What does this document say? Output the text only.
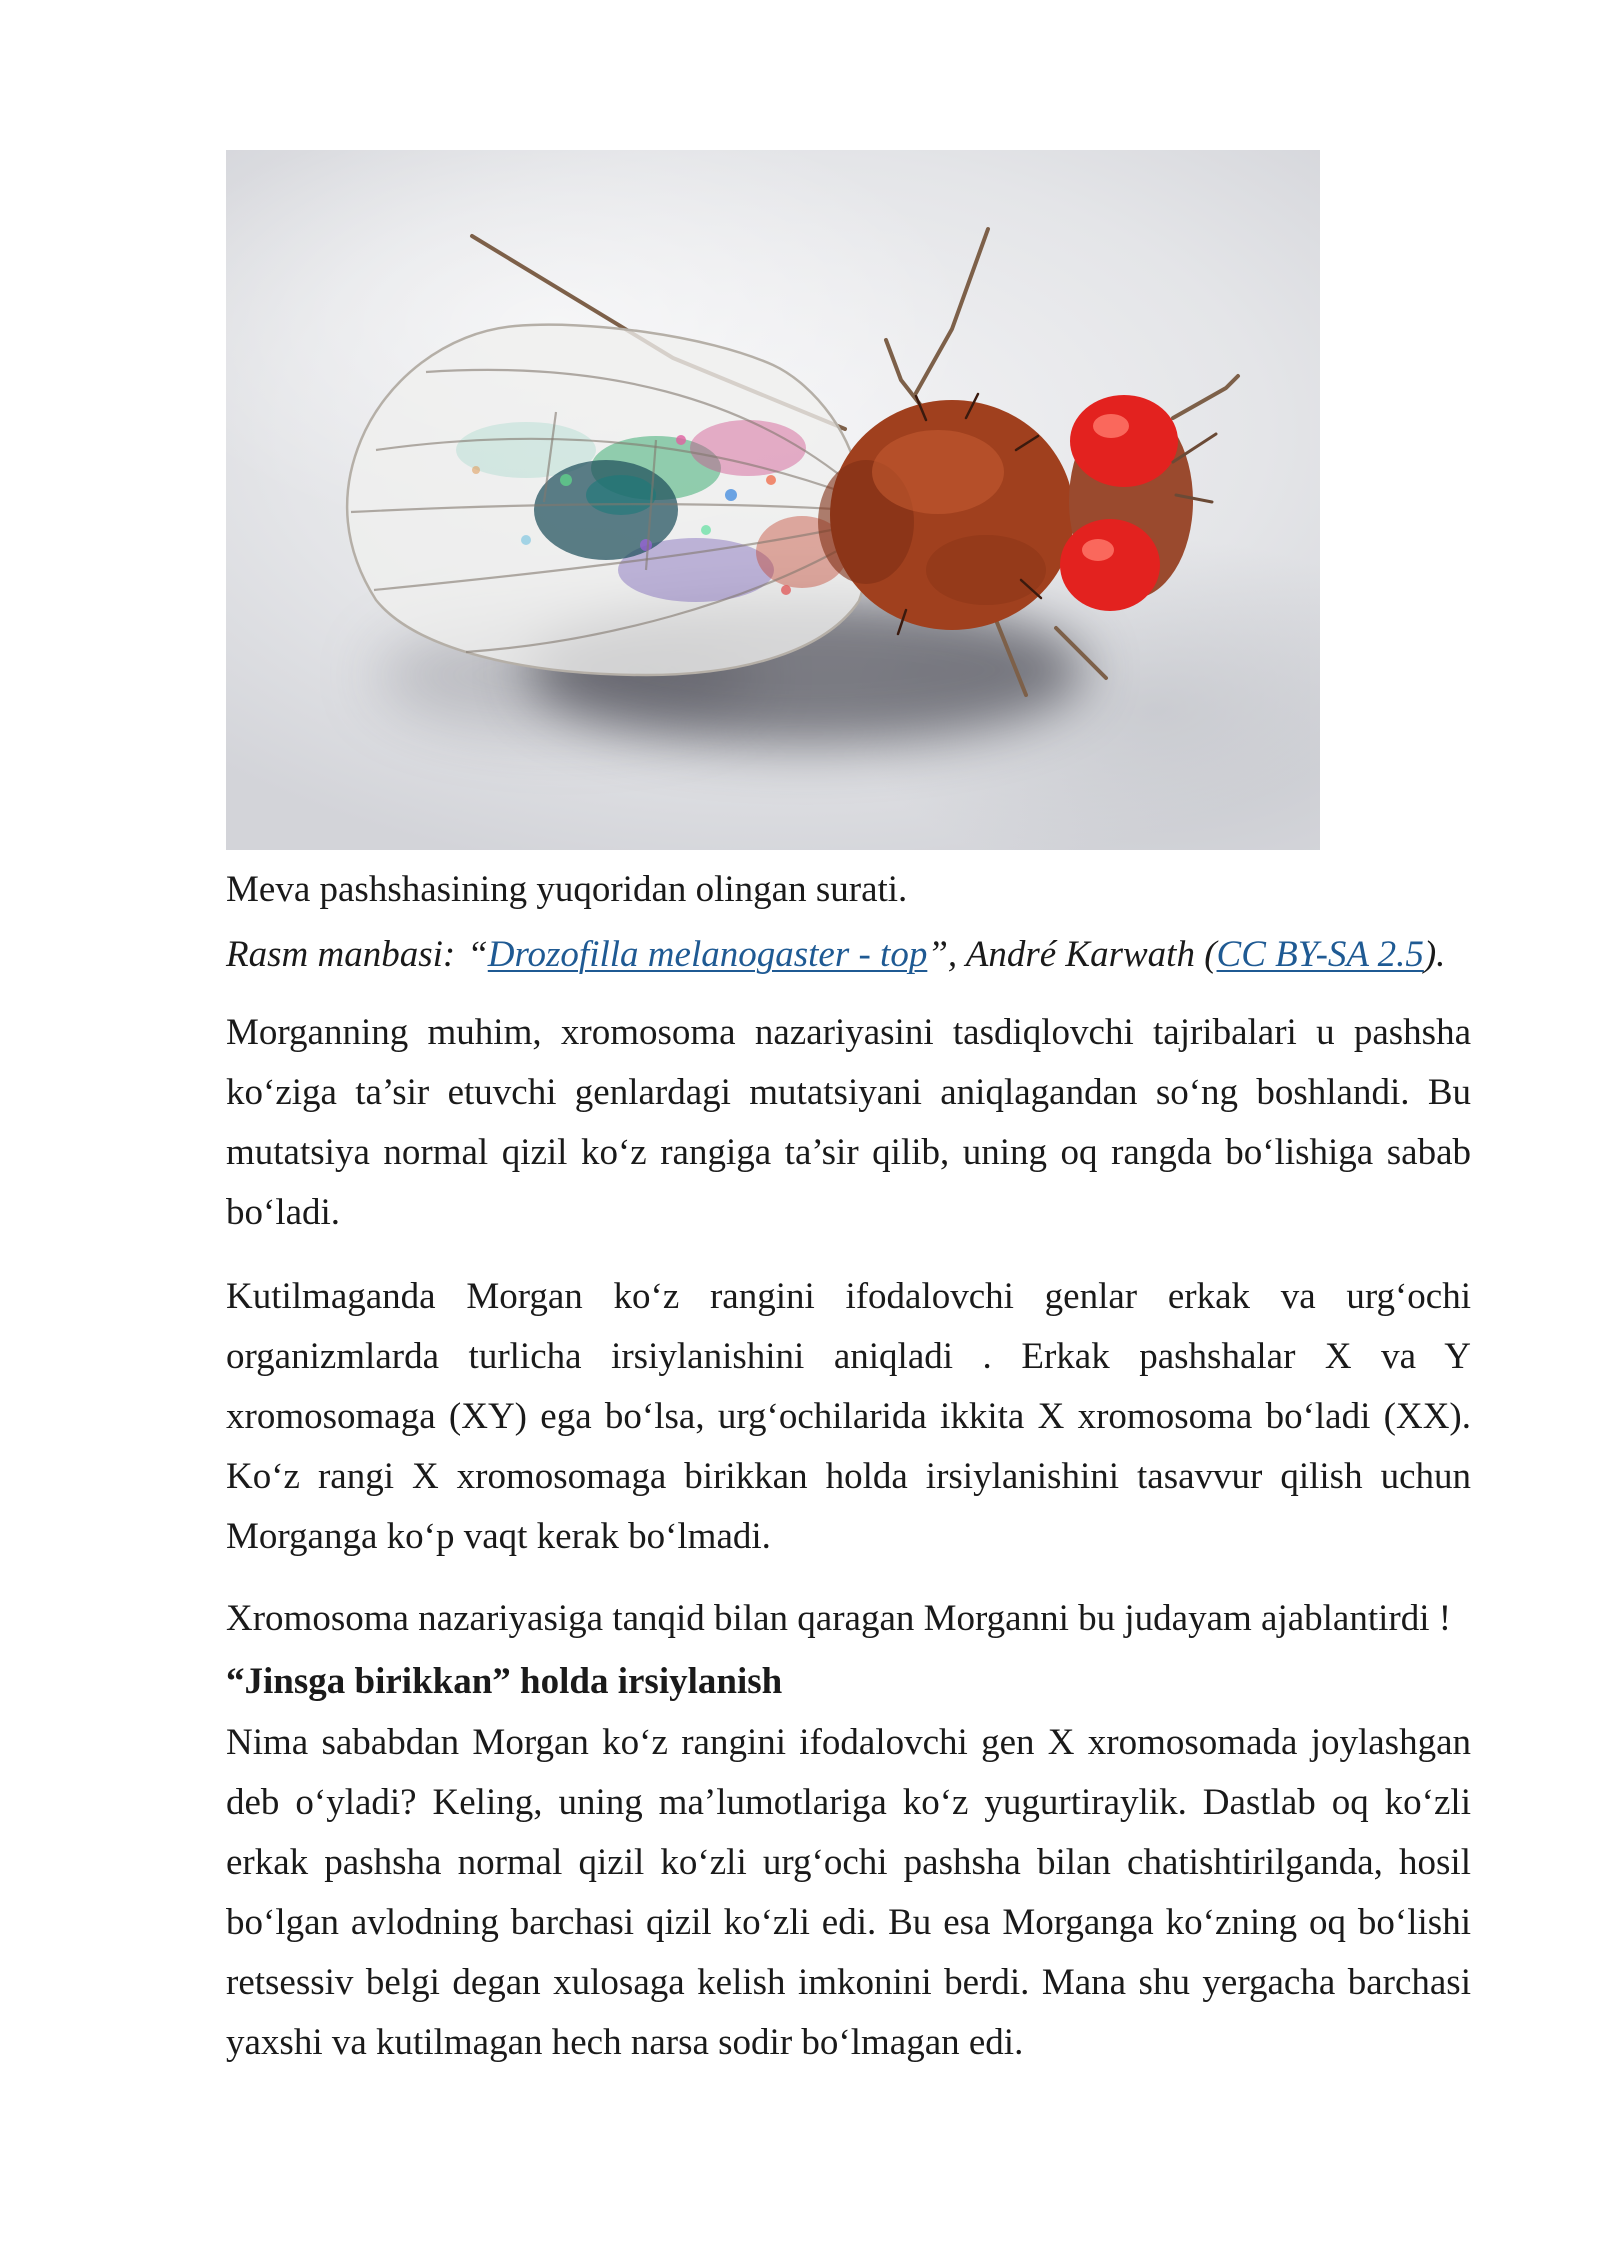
Meva pashshasining yuqoridan olingan surati.
Rasm manbasi: “Drozofilla melanogaster - top”, André Karwath (CC BY-SA 2.5).
Morganning muhim, xromosoma nazariyasini tasdiqlovchi tajribalari u pashsha
ko‘ziga ta’sir etuvchi genlardagi mutatsiyani aniqlagandan so‘ng boshlandi. Bu
mutatsiya normal qizil ko‘z rangiga ta’sir qilib, uning oq rangda bo‘lishiga sabab
bo‘ladi.
Kutilmaganda Morgan ko‘z rangini ifodalovchi genlar erkak va urg‘ochi
organizmlarda turlicha irsiylanishini aniqladi . Erkak pashshalar X va Y
xromosomaga (XY) ega bo‘lsa, urg‘ochilarida ikkita X xromosoma bo‘ladi (XX).
Ko‘z rangi X xromosomaga birikkan holda irsiylanishini tasavvur qilish uchun
Morganga ko‘p vaqt kerak bo‘lmadi.
Xromosoma nazariyasiga tanqid bilan qaragan Morganni bu judayam ajablantirdi !
“Jinsga birikkan” holda irsiylanish
Nima sababdan Morgan ko‘z rangini ifodalovchi gen X xromosomada joylashgan
deb o‘yladi? Keling, uning ma’lumotlariga ko‘z yugurtiraylik. Dastlab oq ko‘zli
erkak pashsha normal qizil ko‘zli urg‘ochi pashsha bilan chatishtirilganda, hosil
bo‘lgan avlodning barchasi qizil ko‘zli edi. Bu esa Morganga ko‘zning oq bo‘lishi
retsessiv belgi degan xulosaga kelish imkonini berdi. Mana shu yergacha barchasi
yaxshi va kutilmagan hech narsa sodir bo‘lmagan edi.
